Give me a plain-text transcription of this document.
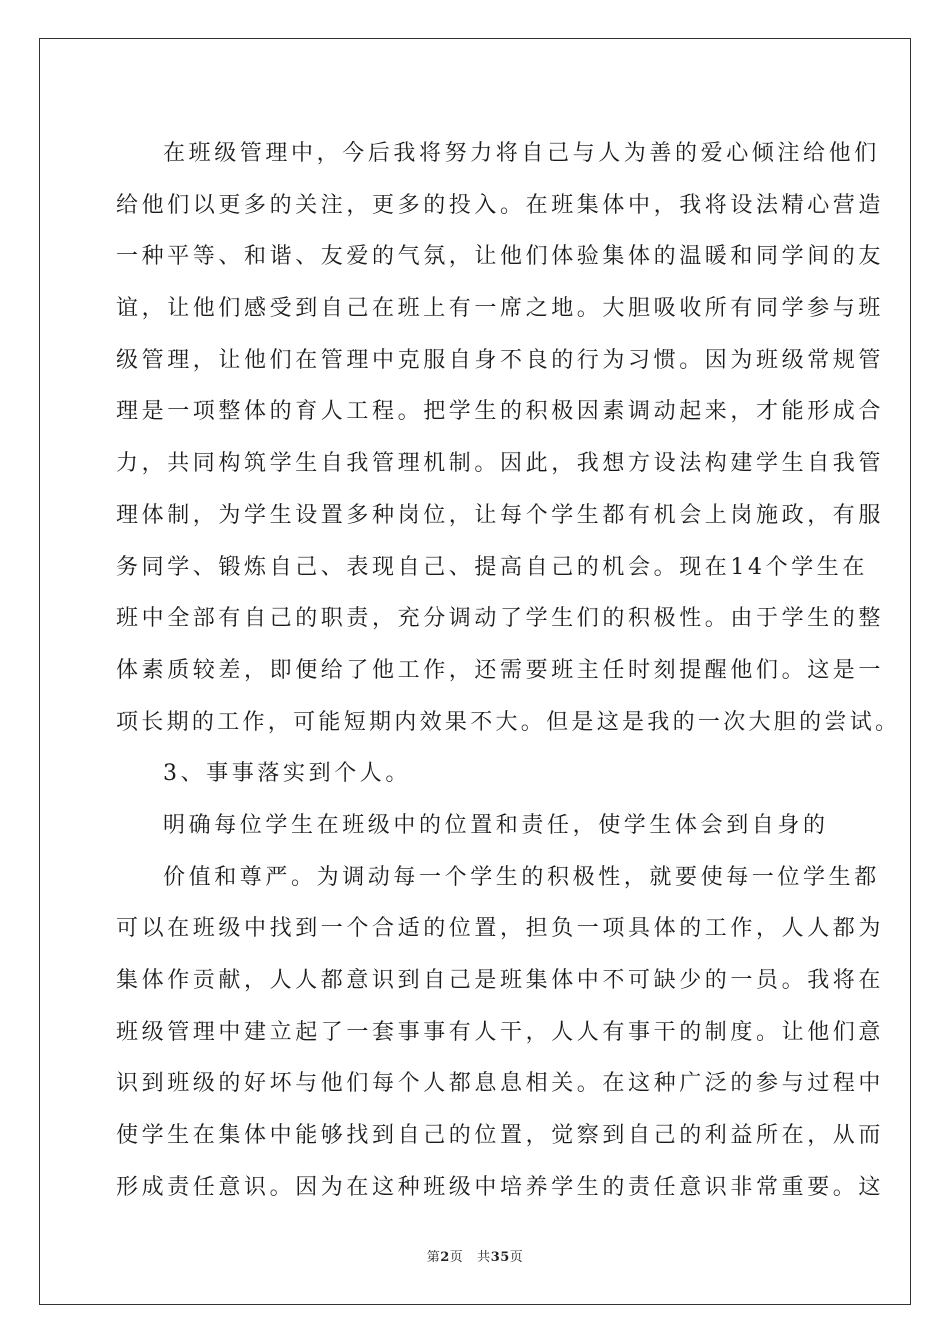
在班级管理中，今后我将努力将自己与人为善的爱心倾注给他们
给他们以更多的关注，更多的投入。在班集体中，我将设法精心营造
一种平等、和谐、友爱的气氛，让他们体验集体的温暖和同学间的友
谊，让他们感受到自己在班上有一席之地。大胆吸收所有同学参与班
级管理，让他们在管理中克服自身不良的行为习惯。因为班级常规管
理是一项整体的育人工程。把学生的积极因素调动起来，才能形成合
力，共同构筑学生自我管理机制。因此，我想方设法构建学生自我管
理体制，为学生设置多种岗位，让每个学生都有机会上岗施政，有服
务同学、锻炼自己、表现自己、提高自己的机会。现在14个学生在
班中全部有自己的职责，充分调动了学生们的积极性。由于学生的整
体素质较差，即便给了他工作，还需要班主任时刻提醒他们。这是一
项长期的工作，可能短期内效果不大。但是这是我的一次大胆的尝试。
3、事事落实到个人。
明确每位学生在班级中的位置和责任，使学生体会到自身的
价值和尊严。为调动每一个学生的积极性，就要使每一位学生都
可以在班级中找到一个合适的位置，担负一项具体的工作，人人都为
集体作贡献，人人都意识到自己是班集体中不可缺少的一员。我将在
班级管理中建立起了一套事事有人干，人人有事干的制度。让他们意
识到班级的好坏与他们每个人都息息相关。在这种广泛的参与过程中
使学生在集体中能够找到自己的位置，觉察到自己的利益所在，从而
形成责任意识。因为在这种班级中培养学生的责任意识非常重要。这
第2页 共35页
